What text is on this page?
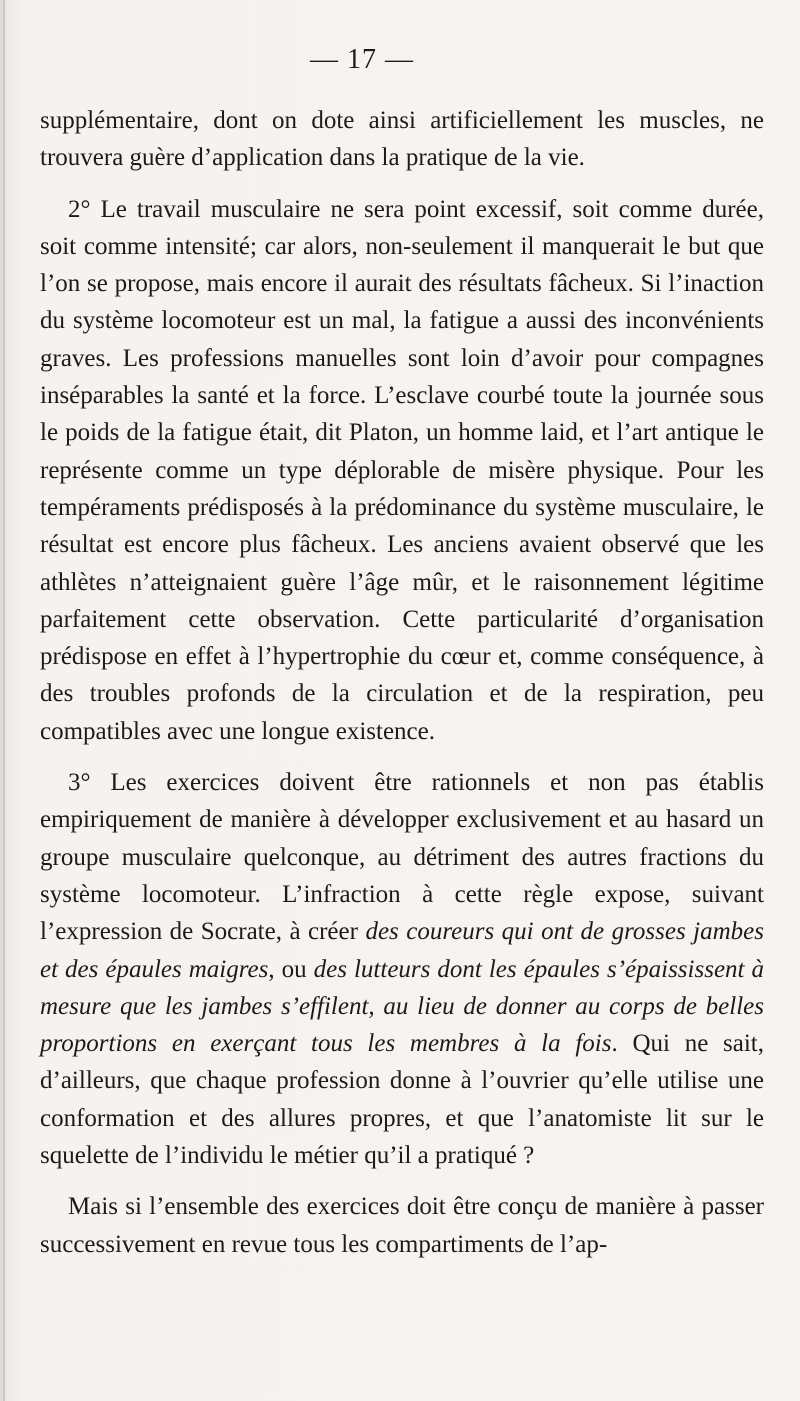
— 17 —

supplémentaire, dont on dote ainsi artificiellement les muscles, ne trouvera guère d’application dans la pratique de la vie.

2° Le travail musculaire ne sera point excessif, soit comme durée, soit comme intensité; car alors, non-seulement il manquerait le but que l’on se propose, mais encore il aurait des résultats fâcheux. Si l’inaction du système locomoteur est un mal, la fatigue a aussi des inconvénients graves. Les professions manuelles sont loin d’avoir pour compagnes inséparables la santé et la force. L’esclave courbé toute la journée sous le poids de la fatigue était, dit Platon, un homme laid, et l’art antique le représente comme un type déplorable de misère physique. Pour les tempéraments prédisposés à la prédominance du système musculaire, le résultat est encore plus fâcheux. Les anciens avaient observé que les athlètes n’atteignaient guère l’âge mûr, et le raisonnement légitime parfaitement cette observation. Cette particularité d’organisation prédispose en effet à l’hypertrophie du cœur et, comme conséquence, à des troubles profonds de la circulation et de la respiration, peu compatibles avec une longue existence.

3° Les exercices doivent être rationnels et non pas établis empiriquement de manière à développer exclusivement et au hasard un groupe musculaire quelconque, au détriment des autres fractions du système locomoteur. L’infraction à cette règle expose, suivant l’expression de Socrate, à créer des coureurs qui ont de grosses jambes et des épaules maigres, ou des lutteurs dont les épaules s’épaississent à mesure que les jambes s’effilent, au lieu de donner au corps de belles proportions en exerçant tous les membres à la fois. Qui ne sait, d’ailleurs, que chaque profession donne à l’ouvrier qu’elle utilise une conformation et des allures propres, et que l’anatomiste lit sur le squelette de l’individu le métier qu’il a pratiqué ?

Mais si l’ensemble des exercices doit être conçu de manière à passer successivement en revue tous les compartiments de l’ap-
